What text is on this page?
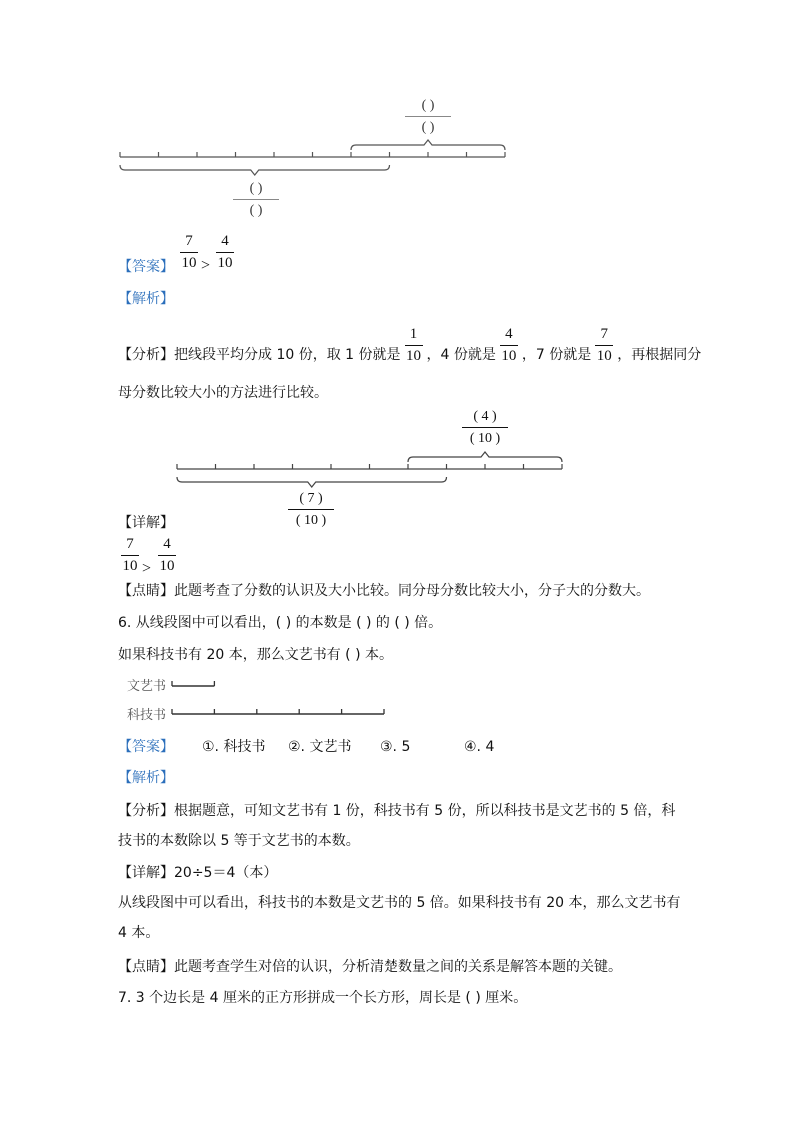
( )
( )
( )
( )
【答案】
7
10 >
4
10
【解析】
【分析】把线段平均分成 10 份，取 1 份就是
1
10 ，4 份就是
4
10 ，7 份就是
7
10 ，再根据同分
母分数比较大小的方法进行比较。
( 4 )
( 10 )
( 7 )
( 10 )
【详解】
7
10 >
4
10
【点睛】此题考查了分数的认识及大小比较。同分母分数比较大小，分子大的分数大。
6. 从线段图中可以看出，( ) 的本数是 ( ) 的 ( ) 倍。
如果科技书有 20 本，那么文艺书有 ( ) 本。
文艺书
科技书
【答案】 ①. 科技书 ②. 文艺书 ③. 5	④. 4
【解析】
【分析】根据题意，可知文艺书有 1 份，科技书有 5 份，所以科技书是文艺书的 5 倍，科
技书的本数除以 5 等于文艺书的本数。
【详解】20÷5＝4（本）
从线段图中可以看出，科技书的本数是文艺书的 5 倍。如果科技书有 20 本，那么文艺书有
4 本。
【点睛】此题考查学生对倍的认识，分析清楚数量之间的关系是解答本题的关键。
7. 3 个边长是 4 厘米的正方形拼成一个长方形，周长是 ( ) 厘米。
